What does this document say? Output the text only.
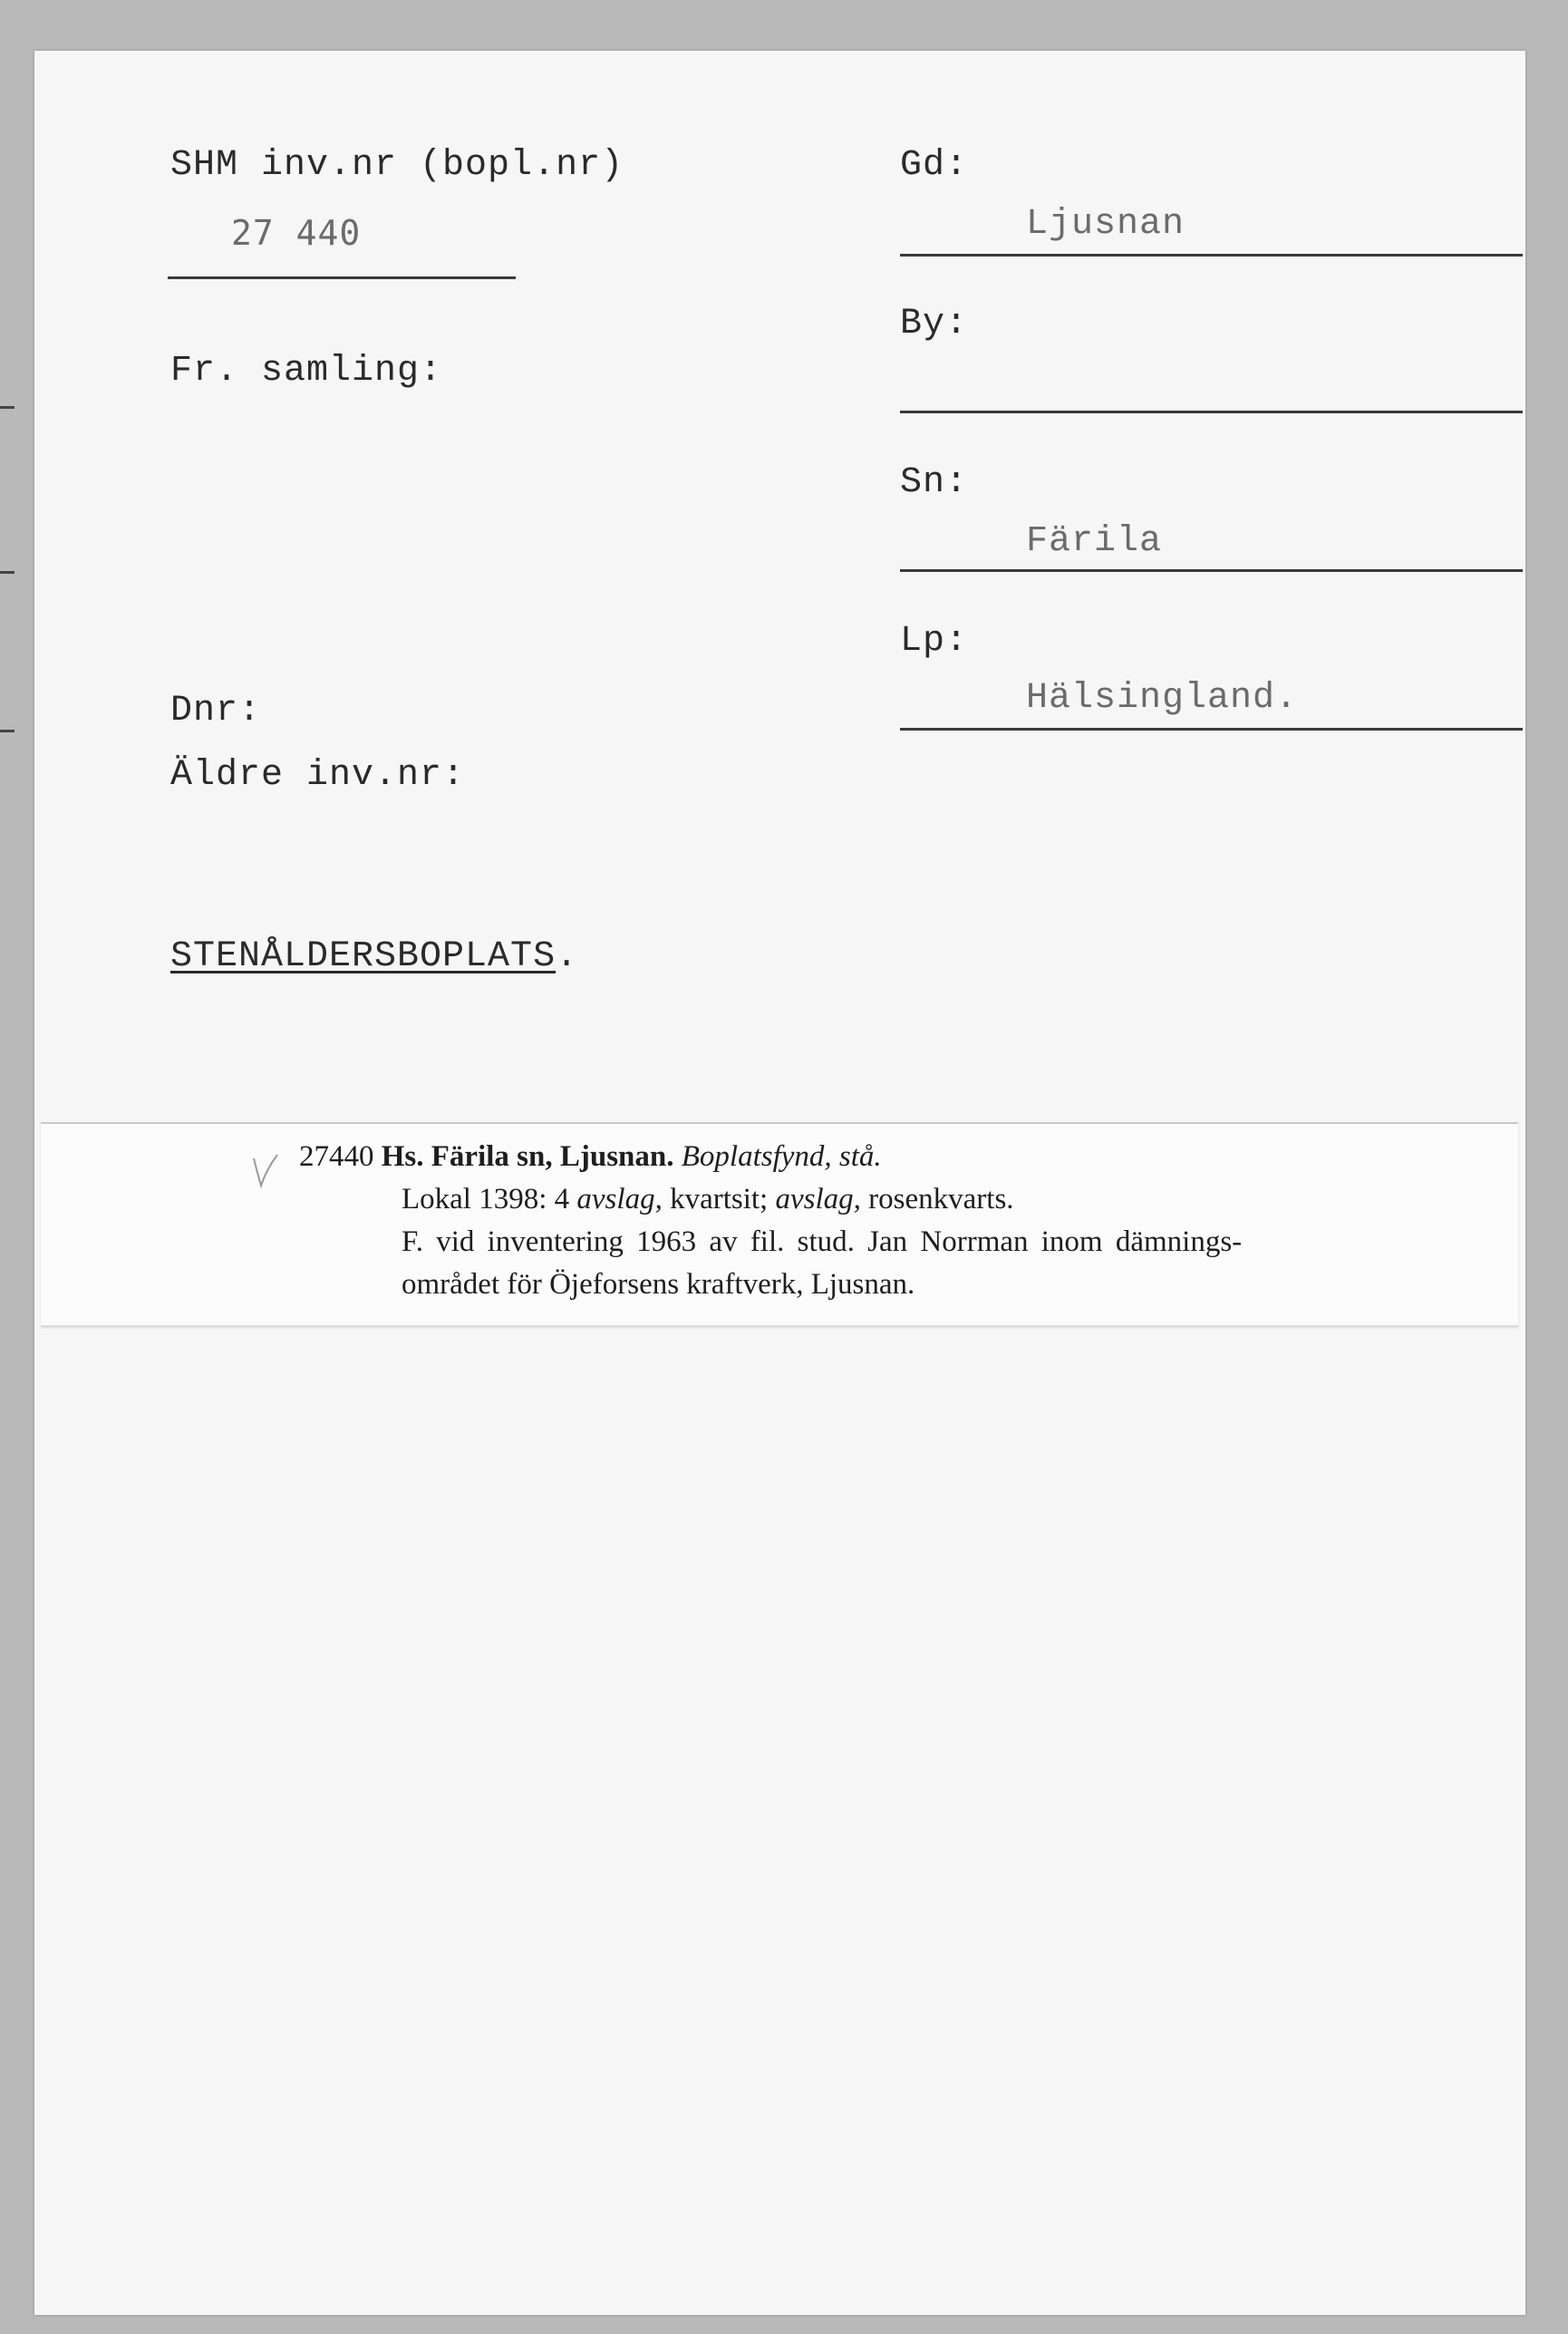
SHM inv.nr (bopl.nr)
27 440
Fr. samling:
Dnr:
Äldre inv.nr:
STENÅLDERSBOPLATS.
Gd:
Ljusnan
By:
Sn:
Färila
Lp:
Hälsingland.
27440 Hs. Färila sn, Ljusnan. Boplatsfynd, stå.
Lokal 1398: 4 avslag, kvartsit; avslag, rosenkvarts.
F. vid inventering 1963 av fil. stud. Jan Norrman inom dämnings-
området för Öjeforsens kraftverk, Ljusnan.
